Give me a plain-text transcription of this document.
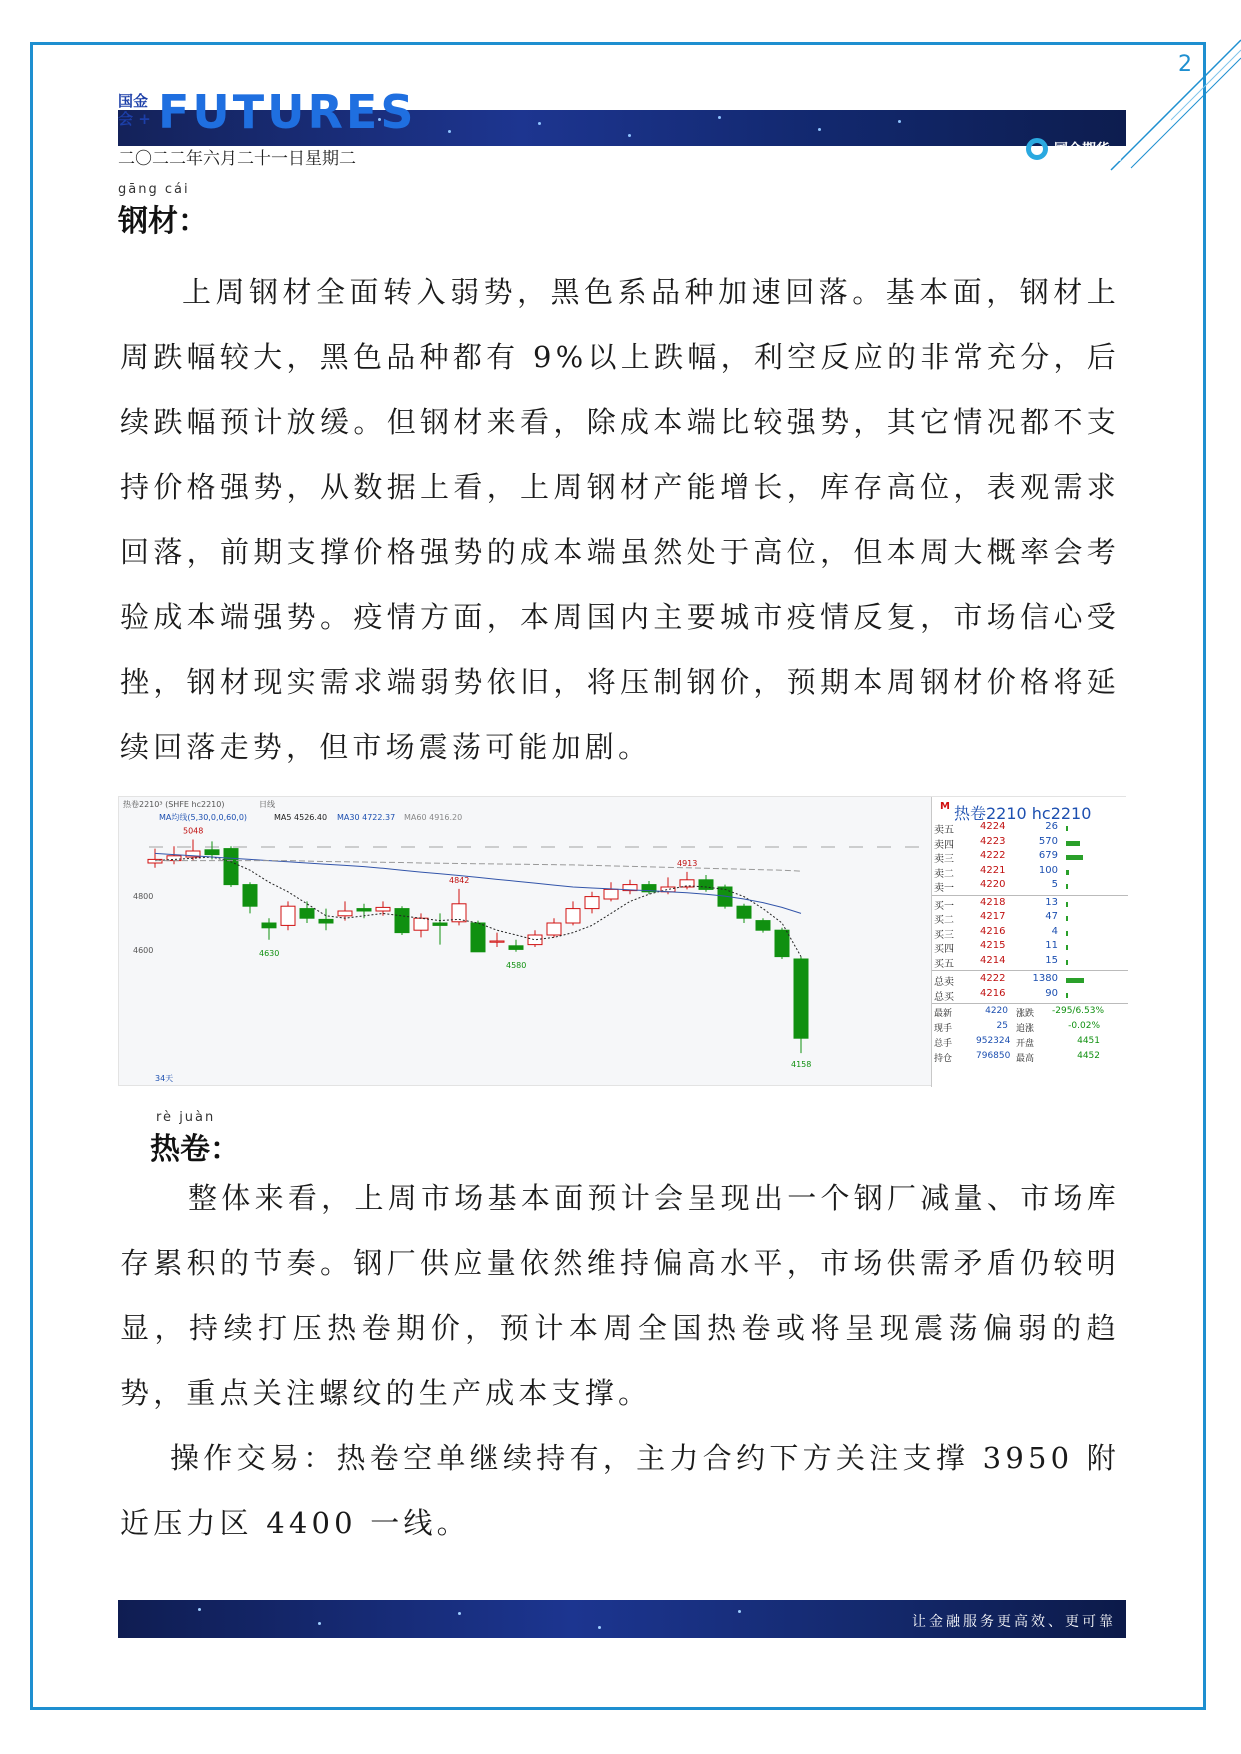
2
国金期货
SINOLINK FUTURES
国金会 + FUTURES
二〇二二年六月二十一日星期二
gāng cái
钢材：
上周钢材全面转入弱势，黑色系品种加速回落。基本面，钢材上周跌幅较大，黑色品种都有 9%以上跌幅，利空反应的非常充分，后续跌幅预计放缓。但钢材来看，除成本端比较强势，其它情况都不支持价格强势，从数据上看，上周钢材产能增长，库存高位，表观需求回落，前期支撑价格强势的成本端虽然处于高位，但本周大概率会考验成本端强势。疫情方面，本周国内主要城市疫情反复，市场信心受挫，钢材现实需求端弱势依旧，将压制钢价，预期本周钢材价格将延续回落走势，但市场震荡可能加剧。
热卷2210³ (SHFE hc2210)	日线
MA均线(5,30,0,0,60,0)	MA5 4526.40 MA30 4722.37 MA60 4916.20
4800
4600
34天
5048
4630
4842
4580
4913
4158
$^M$ 热卷2210 hc2210
卖五	4224	26
卖四	4223	570
卖三	4222	679
卖二	4221	100
卖一	4220	5
买一	4218	13
买二	4217	47
买三	4216	4
买四	4215	11
买五	4214	15
总卖	4222	1380
总买	4216	90
最新	4220 涨跌 -295/6.53%
现手	25 追涨	-0.02%
总手	952324 开盘	4451
持仓	796850 最高	4452
rè juàn
热卷：
整体来看，上周市场基本面预计会呈现出一个钢厂减量、市场库存累积的节奏。钢厂供应量依然维持偏高水平，市场供需矛盾仍较明显，持续打压热卷期价，预计本周全国热卷或将呈现震荡偏弱的趋势，重点关注螺纹的生产成本支撑。
操作交易：热卷空单继续持有，主力合约下方关注支撑 3950 附近压力区 4400 一线。
让金融服务更高效、更可靠
